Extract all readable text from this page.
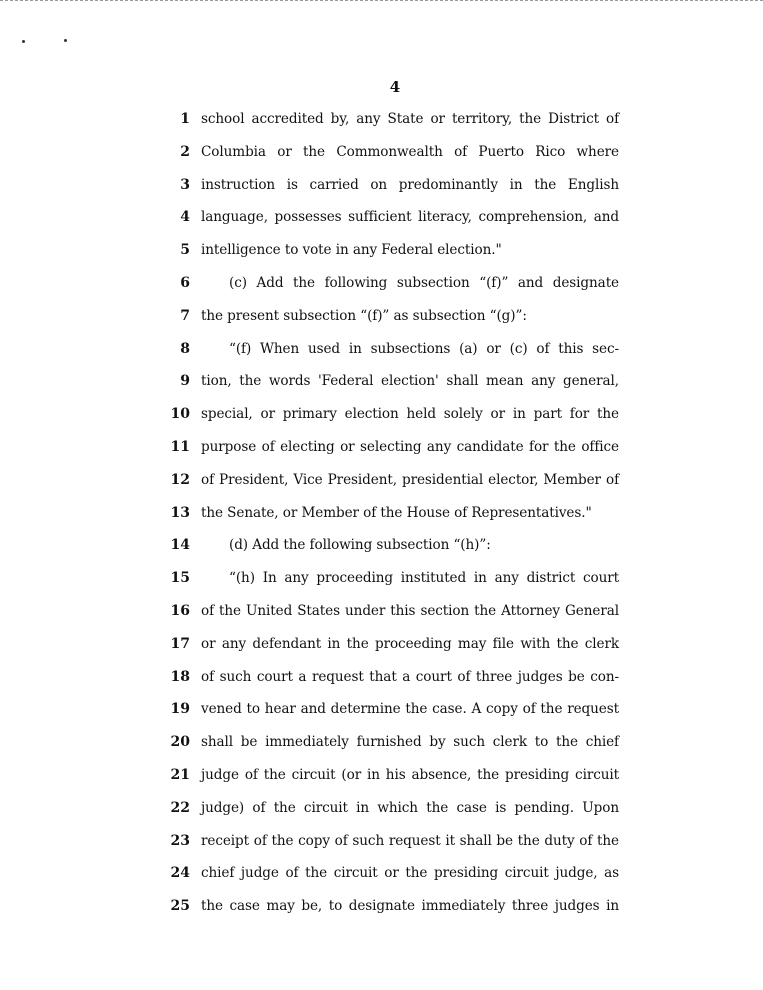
4
1 school accredited by, any State or territory, the District of
2 Columbia or the Commonwealth of Puerto Rico where
3 instruction is carried on predominantly in the English
4 language, possesses sufficient literacy, comprehension, and
5 intelligence to vote in any Federal election."
6	(c) Add the following subsection “(f)” and designate
7 the present subsection “(f)” as subsection “(g)”:
8	“(f) When used in subsections (a) or (c) of this sec-
9 tion, the words 'Federal election' shall mean any general,
10 special, or primary election held solely or in part for the
11 purpose of electing or selecting any candidate for the office
12 of President, Vice President, presidential elector, Member of
13 the Senate, or Member of the House of Representatives."
14	(d) Add the following subsection “(h)”:
15	“(h) In any proceeding instituted in any district court
16 of the United States under this section the Attorney General
17 or any defendant in the proceeding may file with the clerk
18 of such court a request that a court of three judges be con-
19 vened to hear and determine the case. A copy of the request
20 shall be immediately furnished by such clerk to the chief
21 judge of the circuit (or in his absence, the presiding circuit
22 judge) of the circuit in which the case is pending. Upon
23 receipt of the copy of such request it shall be the duty of the
24 chief judge of the circuit or the presiding circuit judge, as
25 the case may be, to designate immediately three judges in
